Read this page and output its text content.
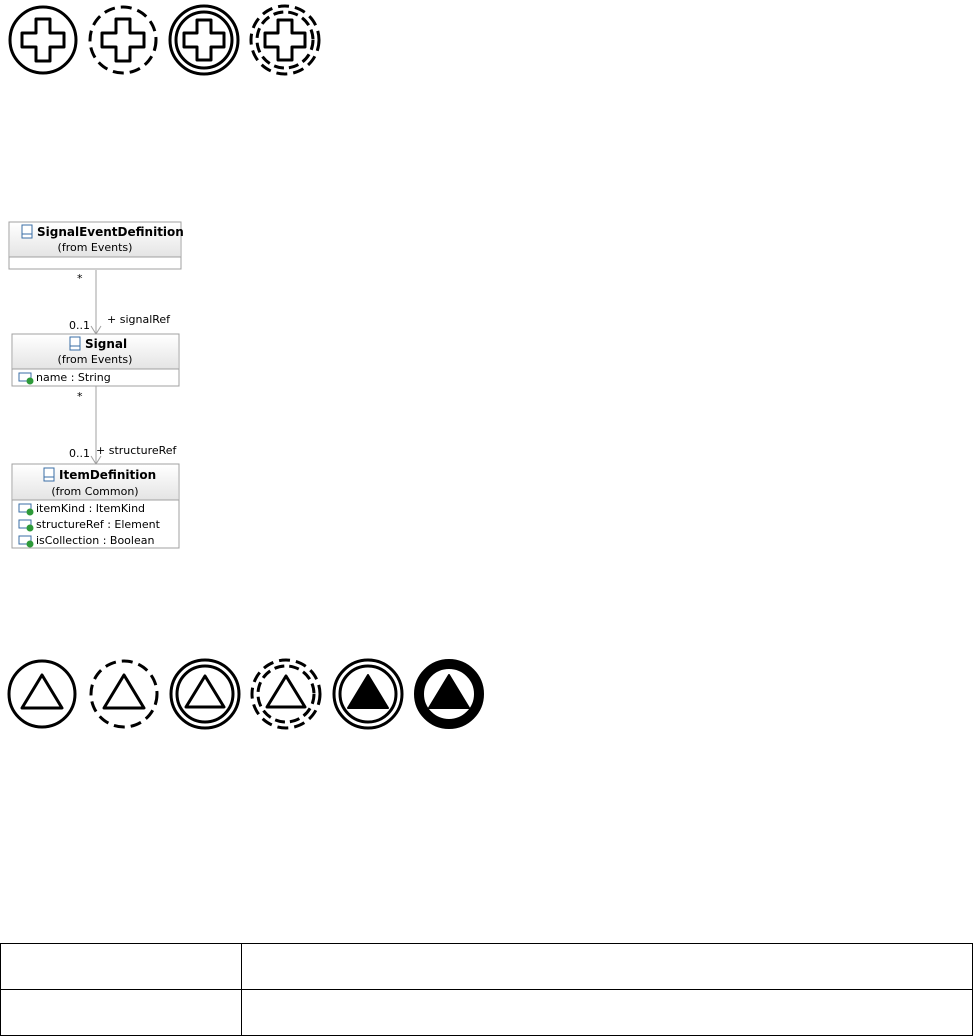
*
0..1 + signalRef
*
0..1 + structureRef
SignalEventDefinition
(from Events)
Signal
(from Events)
name : String
ItemDefinition
(from Common)
itemKind : ItemKind
structureRef : Element
isCollection : Boolean
